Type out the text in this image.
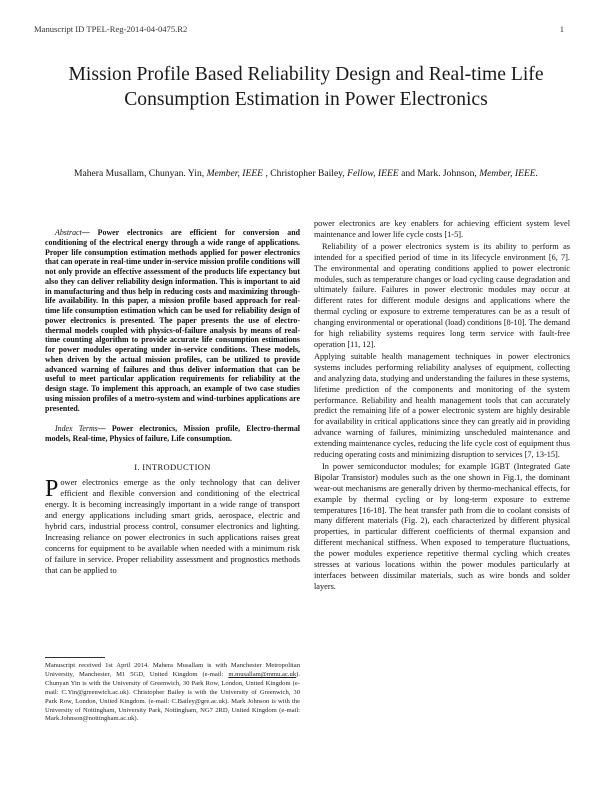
Manuscript ID TPEL-Reg-2014-04-0475.R2	1
Mission Profile Based Reliability Design and Real-time Life Consumption Estimation in Power Electronics
Mahera Musallam, Chunyan. Yin, Member, IEEE , Christopher Bailey, Fellow, IEEE and Mark. Johnson, Member, IEEE.

Abstract— Power electronics are efficient for conversion and conditioning of the electrical energy through a wide range of applications. Proper life consumption estimation methods applied for power electronics that can operate in real-time under in-service mission profile conditions will not only provide an effective assessment of the products life expectancy but also they can deliver reliability design information. This is important to aid in manufacturing and thus help in reducing costs and maximizing through-life availability. In this paper, a mission profile based approach for real-time life consumption estimation which can be used for reliability design of power electronics is presented. The paper presents the use of electro-thermal models coupled with physics-of-failure analysis by means of real-time counting algorithm to provide accurate life consumption estimations for power modules operating under in-service conditions. These models, when driven by the actual mission profiles, can be utilized to provide advanced warning of failures and thus deliver information that can be useful to meet particular application requirements for reliability at the design stage. To implement this approach, an example of two case studies using mission profiles of a metro-system and wind-turbines applications are presented.

Index Terms— Power electronics, Mission profile, Electro-thermal models, Real-time, Physics of failure, Life consumption.

I. INTRODUCTION

Power electronics emerge as the only technology that can deliver efficient and flexible conversion and conditioning of the electrical energy. It is becoming increasingly important in a wide range of transport and energy applications including smart grids, aerospace, electric and hybrid cars, industrial process control, consumer electronics and lighting. Increasing reliance on power electronics in such applications raises great concerns for equipment to be available when needed with a minimum risk of failure in service. Proper reliability assessment and prognostics methods that can be applied to

Manuscript received 1st April 2014. Mahera Musallam is with Manchester Metropolitan University, Manchester, M1 5GD, United Kingdom (e-mail: m.musallam@mmu.ac.uk). Chunyan Yin is with the University of Greenwich, 30 Park Row, London, United Kingdom (e-mail: C.Yin@greenwich.ac.uk). Christopher Bailey is with the University of Greenwich, 30 Park Row, London, United Kingdom. (e-mail: C.Bailey@gre.ac.uk). Mark Johnson is with the University of Nottingham, University Park, Nottingham, NG7 2RD, United Kingdom (e-mail: Mark.Johnson@nottingham.ac.uk).

power electronics are key enablers for achieving efficient system level maintenance and lower life cycle costs [1-5].

Reliability of a power electronics system is its ability to perform as intended for a specified period of time in its lifecycle environment [6, 7]. The environmental and operating conditions applied to power electronic modules, such as temperature changes or load cycling cause degradation and ultimately failure. Failures in power electronic modules may occur at different rates for different module designs and applications where the thermal cycling or exposure to extreme temperatures can be as a result of changing environmental or operational (load) conditions [8-10]. The demand for high reliability systems requires long term service with fault-free operation [11, 12].

Applying suitable health management techniques in power electronics systems includes performing reliability analyses of equipment, collecting and analyzing data, studying and understanding the failures in these systems, lifetime prediction of the components and monitoring of the system performance. Reliability and health management tools that can accurately predict the remaining life of a power electronic system are highly desirable for availability in critical applications since they can greatly aid in providing advance warning of failures, minimizing unscheduled maintenance and extending maintenance cycles, reducing the life cycle cost of equipment thus reducing operating costs and minimizing disruption to services [7, 13-15].

In power semiconductor modules; for example IGBT (Integrated Gate Bipolar Transistor) modules such as the one shown in Fig.1, the dominant wear-out mechanisms are generally driven by thermo-mechanical effects, for example by thermal cycling or by long-term exposure to extreme temperatures [16-18]. The heat transfer path from die to coolant consists of many different materials (Fig. 2), each characterized by different physical properties, in particular different coefficients of thermal expansion and different mechanical stiffness. When exposed to temperature fluctuations, the power modules experience repetitive thermal cycling which creates stresses at various locations within the power modules particularly at interfaces between dissimilar materials, such as wire bonds and solder layers.
